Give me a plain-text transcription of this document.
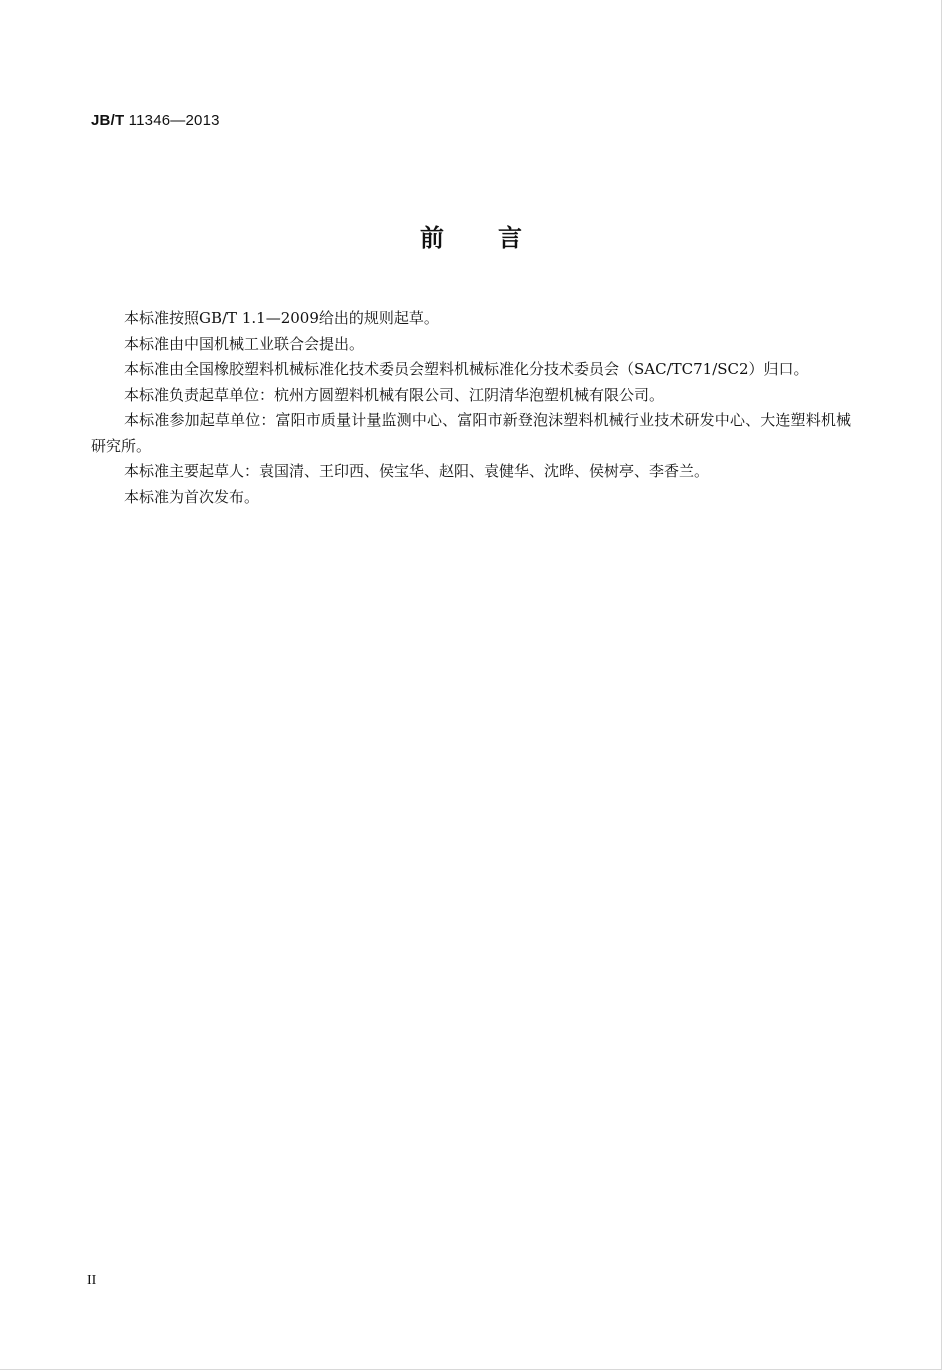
JB/T 11346—2013
前言

本标准按照GB/T 1.1—2009给出的规则起草。

本标准由中国机械工业联合会提出。

本标准由全国橡胶塑料机械标准化技术委员会塑料机械标准化分技术委员会（SAC/TC71/SC2）归口。

本标准负责起草单位：杭州方圆塑料机械有限公司、江阴清华泡塑机械有限公司。

本标准参加起草单位：富阳市质量计量监测中心、富阳市新登泡沫塑料机械行业技术研发中心、大连塑料机械研究所。

本标准主要起草人：袁国清、王印西、侯宝华、赵阳、袁健华、沈晔、侯树亭、李香兰。

本标准为首次发布。

II
